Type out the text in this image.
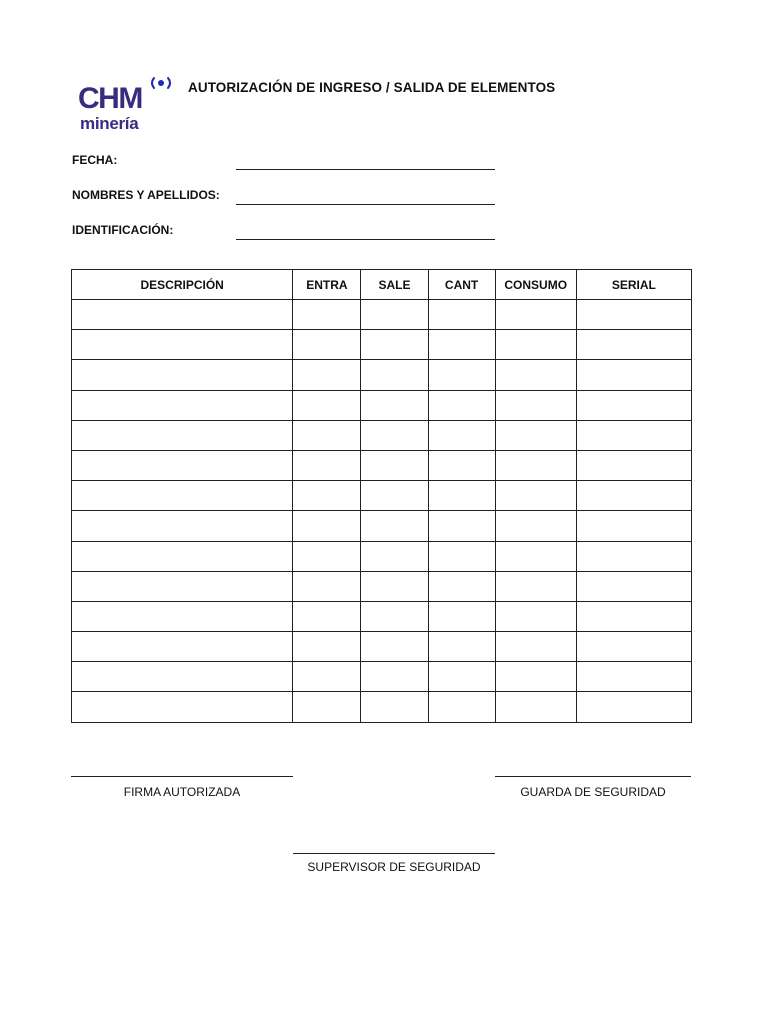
CHM
minería
AUTORIZACIÓN DE INGRESO / SALIDA DE ELEMENTOS
FECHA:
NOMBRES Y APELLIDOS:
IDENTIFICACIÓN:
DESCRIPCIÓN	ENTRA	SALE	CANT	CONSUMO	SERIAL

FIRMA AUTORIZADA	GUARDA DE SEGURIDAD
SUPERVISOR DE SEGURIDAD
